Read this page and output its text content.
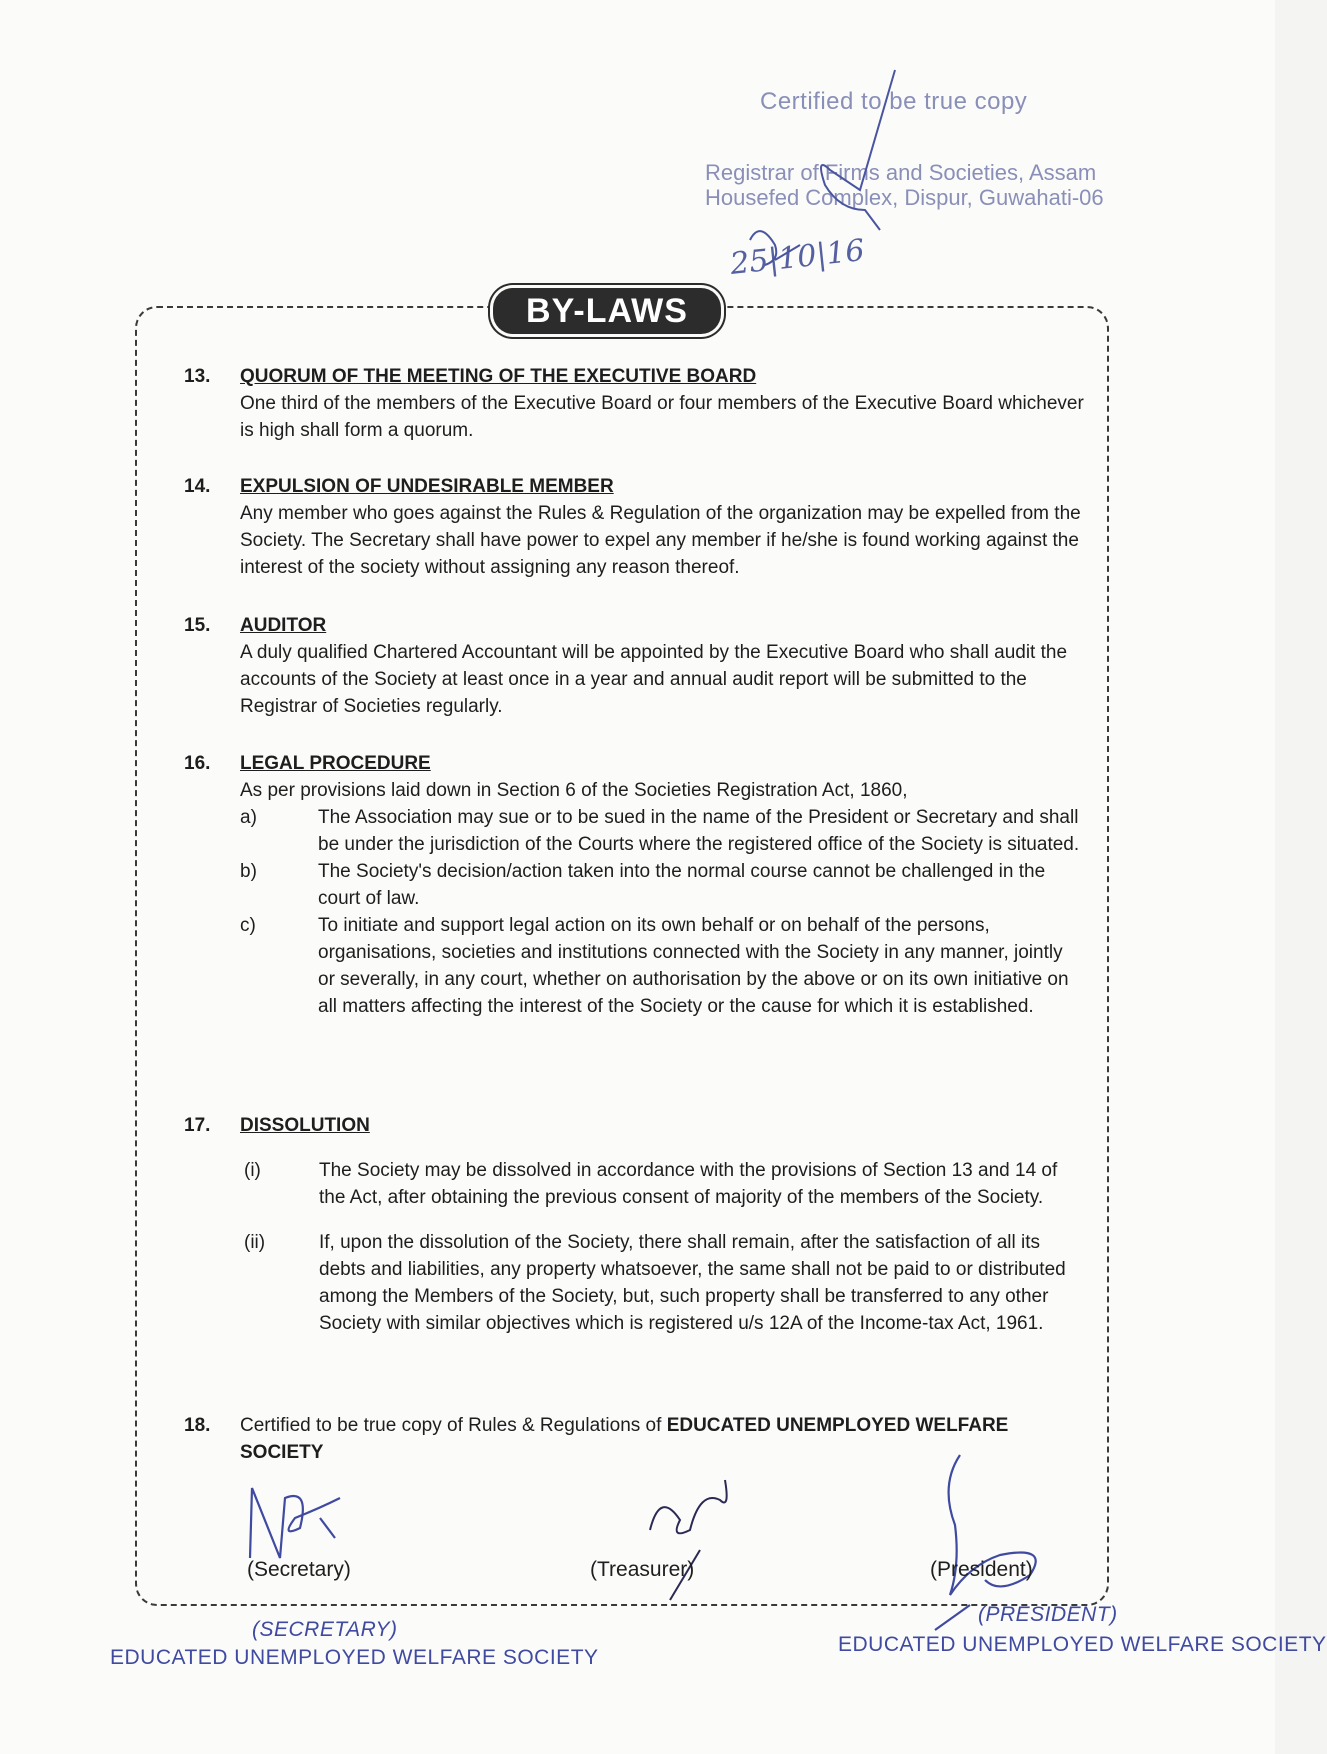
Certified to be true copy
Registrar of Firms and Societies, Assam
Housefed Complex, Dispur, Guwahati-06
25|10|16
BY-LAWS
13. QUORUM OF THE MEETING OF THE EXECUTIVE BOARD
One third of the members of the Executive Board or four members of the Executive Board whichever is high shall form a quorum.
14. EXPULSION OF UNDESIRABLE MEMBER
Any member who goes against the Rules & Regulation of the organization may be expelled from the Society. The Secretary shall have power to expel any member if he/she is found working against the interest of the society without assigning any reason thereof.
15. AUDITOR
A duly qualified Chartered Accountant will be appointed by the Executive Board who shall audit the accounts of the Society at least once in a year and annual audit report will be submitted to the Registrar of Societies regularly.
16. LEGAL PROCEDURE
As per provisions laid down in Section 6 of the Societies Registration Act, 1860,
a)	The Association may sue or to be sued in the name of the President or Secretary and shall be under the jurisdiction of the Courts where the registered office of the Society is situated.
b)	The Society's decision/action taken into the normal course cannot be challenged in the court of law.
c)	To initiate and support legal action on its own behalf or on behalf of the persons, organisations, societies and institutions connected with the Society in any manner, jointly or severally, in any court, whether on authorisation by the above or on its own initiative on all matters affecting the interest of the Society or the cause for which it is established.
17. DISSOLUTION
(i)	The Society may be dissolved in accordance with the provisions of Section 13 and 14 of the Act, after obtaining the previous consent of majority of the members of the Society.
(ii)	If, upon the dissolution of the Society, there shall remain, after the satisfaction of all its debts and liabilities, any property whatsoever, the same shall not be paid to or distributed among the Members of the Society, but, such property shall be transferred to any other Society with similar objectives which is registered u/s 12A of the Income-tax Act, 1961.
18. Certified to be true copy of Rules & Regulations of EDUCATED UNEMPLOYED WELFARE SOCIETY
(Secretary)	(Treasurer)	(President)
(SECRETARY)
EDUCATED UNEMPLOYED WELFARE SOCIETY
(PRESIDENT)
EDUCATED UNEMPLOYED WELFARE SOCIETY
